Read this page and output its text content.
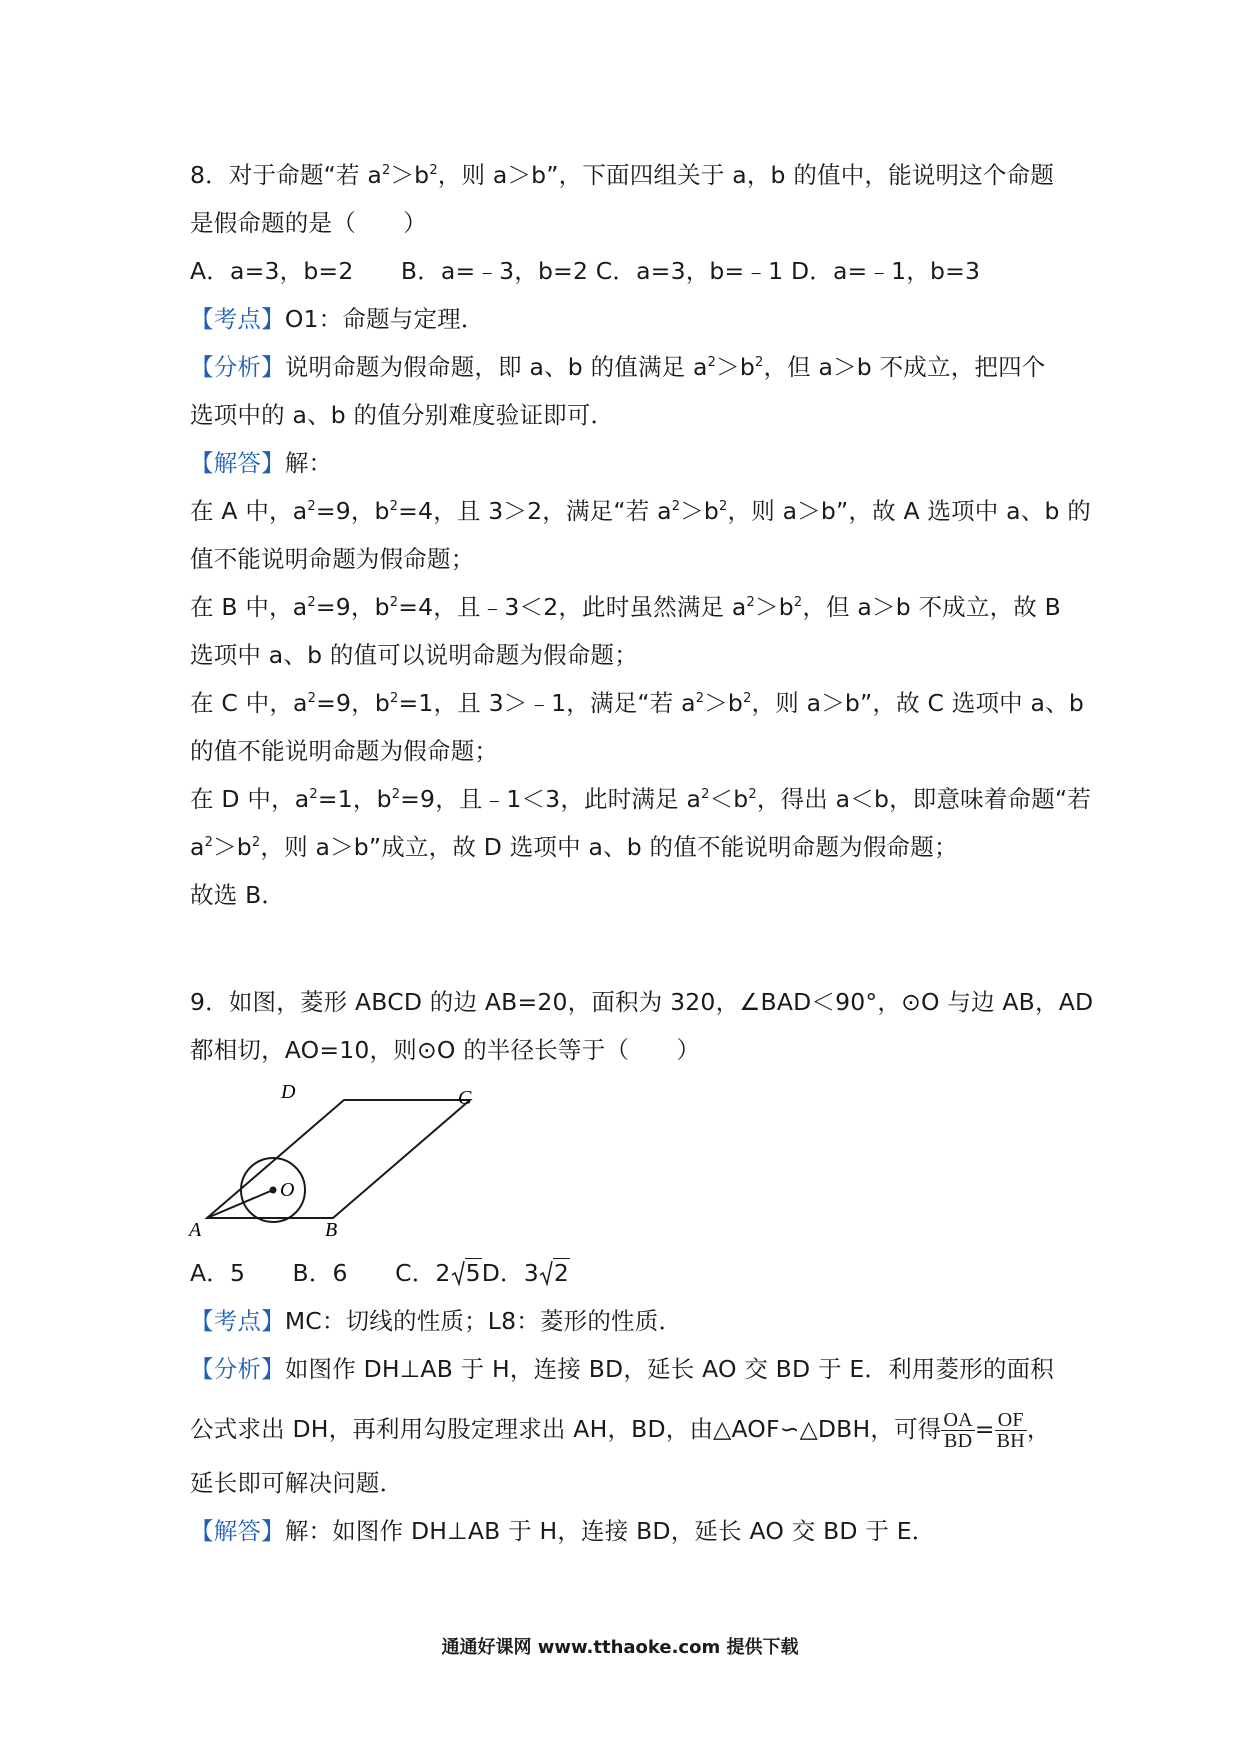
8．对于命题“若 $a^2>b^2$，则 a＞b”，下面四组关于 a，b 的值中，能说明这个命题
是假命题的是（　　）
A．a=3，b=2　　B．a=﹣3，b=2 C．a=3，b=﹣1 D．a=﹣1，b=3
【考点】O1：命题与定理．
【分析】说明命题为假命题，即 a、b 的值满足 $a^2>b^2$，但 a＞b 不成立，把四个
选项中的 a、b 的值分别难度验证即可．
【解答】解：
在 A 中，$a^2=9$，$b^2=4$，且 3＞2，满足“若 $a^2>b^2$，则 a＞b”，故 A 选项中 a、b 的
值不能说明命题为假命题；
在 B 中，$a^2=9$，$b^2=4$，且﹣3＜2，此时虽然满足 $a^2>b^2$，但 a＞b 不成立，故 B
选项中 a、b 的值可以说明命题为假命题；
在 C 中，$a^2=9$，$b^2=1$，且 3＞﹣1，满足“若 $a^2>b^2$，则 a＞b”，故 C 选项中 a、b
的值不能说明命题为假命题；
在 D 中，$a^2=1$，$b^2=9$，且﹣1＜3，此时满足 $a^2<b^2$，得出 a＜b，即意味着命题“若
$a^2>b^2$，则 a＞b”成立，故 D 选项中 a、b 的值不能说明命题为假命题；
故选 B．
9．如图，菱形 ABCD 的边 AB=20，面积为 320，∠BAD＜90°，⊙O 与边 AB，AD
都相切，AO=10，则⊙O 的半径长等于（　　）
A	B
C
D
O
A．5　　B．6　　C．2 5D．3 2
【考点】MC：切线的性质；L8：菱形的性质．
【分析】如图作 DH⊥AB 于 H，连接 BD，延长 AO 交 BD 于 E．利用菱形的面积
公式求出 DH，再利用勾股定理求出 AH，BD，由△AOF∽△DBH，可得 $\frac{OA}{BD} = \frac{OF}{BH}$ ，
延长即可解决问题．
【解答】解：如图作 DH⊥AB 于 H，连接 BD，延长 AO 交 BD 于 E．
通通好课网 www.tthaoke.com 提供下载
